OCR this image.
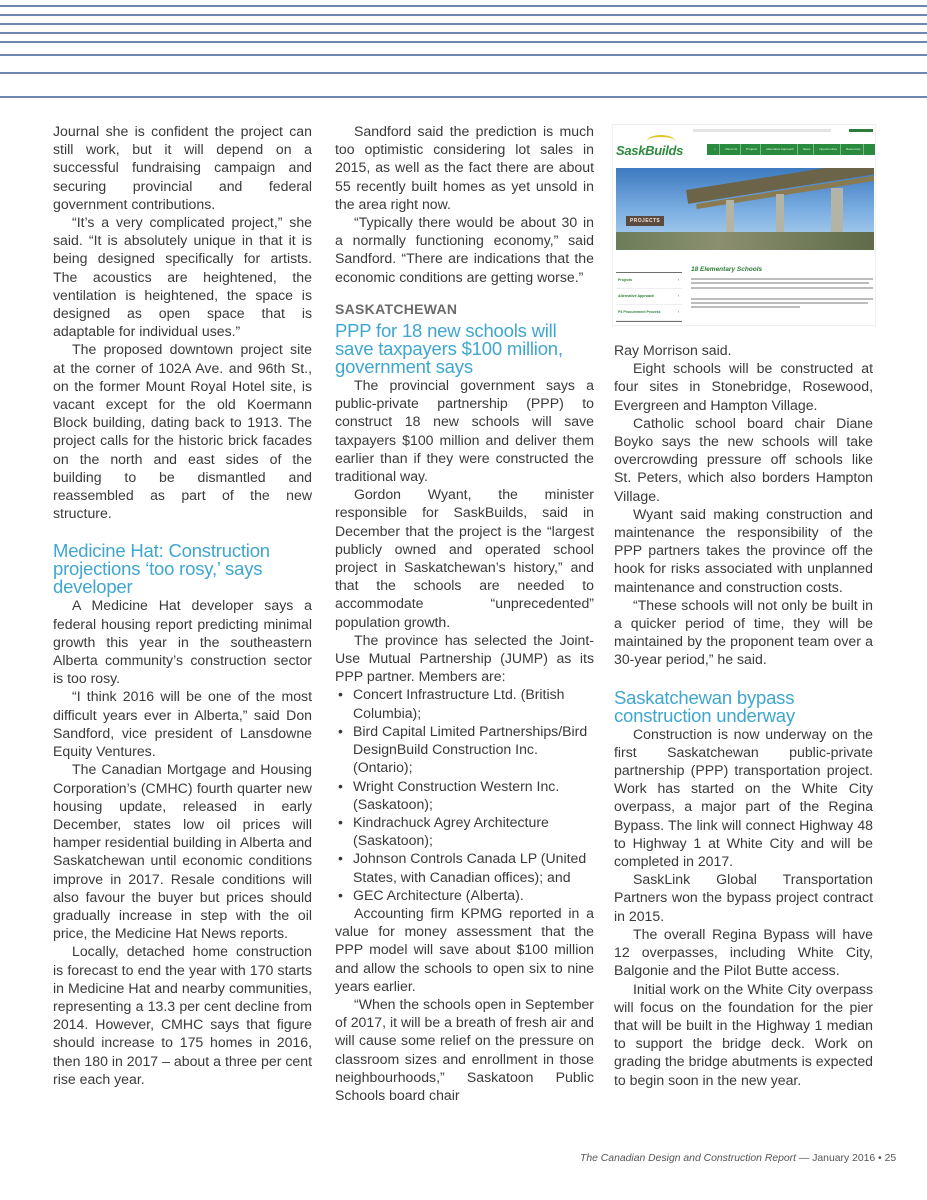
Journal she is confident the project can still work, but it will depend on a successful fundraising campaign and securing provincial and federal government contributions.

“It’s a very complicated project,” she said. “It is absolutely unique in that it is being designed specifically for artists. The acoustics are heightened, the ventilation is heightened, the space is designed as open space that is adaptable for individual uses.”

The proposed downtown project site at the corner of 102A Ave. and 96th St., on the former Mount Royal Hotel site, is vacant except for the old Koermann Block building, dating back to 1913. The project calls for the historic brick facades on the north and east sides of the building to be dismantled and reassembled as part of the new structure.

Medicine Hat: Construction projections ‘too rosy,’ says developer

A Medicine Hat developer says a federal housing report predicting minimal growth this year in the southeastern Alberta community’s construction sector is too rosy.

“I think 2016 will be one of the most difficult years ever in Alberta,” said Don Sandford, vice president of Lansdowne Equity Ventures.

The Canadian Mortgage and Housing Corporation’s (CMHC) fourth quarter new housing update, released in early December, states low oil prices will hamper residential building in Alberta and Saskatchewan until economic conditions improve in 2017. Resale conditions will also favour the buyer but prices should gradually increase in step with the oil price, the Medicine Hat News reports.

Locally, detached home construction is forecast to end the year with 170 starts in Medicine Hat and nearby communities, representing a 13.3 per cent decline from 2014. However, CMHC says that figure should increase to 175 homes in 2016, then 180 in 2017 – about a three per cent rise each year.

Sandford said the prediction is much too optimistic considering lot sales in 2015, as well as the fact there are about 55 recently built homes as yet unsold in the area right now.

“Typically there would be about 30 in a normally functioning economy,” said Sandford. “There are indications that the economic conditions are getting worse.”

SASKATCHEWAN
PPP for 18 new schools will save taxpayers $100 million, government says

The provincial government says a public-private partnership (PPP) to construct 18 new schools will save taxpayers $100 million and deliver them earlier than if they were constructed the traditional way.

Gordon Wyant, the minister responsible for SaskBuilds, said in December that the project is the “largest publicly owned and operated school project in Saskatchewan’s history,” and that the schools are needed to accommodate “unprecedented” population growth.

The province has selected the Joint-Use Mutual Partnership (JUMP) as its PPP partner. Members are:

• Concert Infrastructure Ltd. (British Columbia);
• Bird Capital Limited Partnerships/Bird DesignBuild Construction Inc. (Ontario);
• Wright Construction Western Inc. (Saskatoon);
• Kindrachuck Agrey Architecture (Saskatoon);
• Johnson Controls Canada LP (United States, with Canadian offices); and
• GEC Architecture (Alberta).

Accounting firm KPMG reported in a value for money assessment that the PPP model will save about $100 million and allow the schools to open six to nine years earlier.

“When the schools open in September of 2017, it will be a breath of fresh air and will cause some relief on the pressure on classroom sizes and enrollment in those neighbourhoods,” Saskatoon Public Schools board chair

SaskBuilds	⌂	About Us	Projects	Alternative Approach	News	Opportunities	Resources
PROJECTS
Projects	›
Alternative Approach	›
P3 Procurement Process	›
18 Elementary Schools

Ray Morrison said.

Eight schools will be constructed at four sites in Stonebridge, Rosewood, Evergreen and Hampton Village.

Catholic school board chair Diane Boyko says the new schools will take overcrowding pressure off schools like St. Peters, which also borders Hampton Village.

Wyant said making construction and maintenance the responsibility of the PPP partners takes the province off the hook for risks associated with unplanned maintenance and construction costs.

“These schools will not only be built in a quicker period of time, they will be maintained by the proponent team over a 30-year period,” he said.

Saskatchewan bypass construction underway

Construction is now underway on the first Saskatchewan public-private partnership (PPP) transportation project. Work has started on the White City overpass, a major part of the Regina Bypass. The link will connect Highway 48 to Highway 1 at White City and will be completed in 2017.

SaskLink Global Transportation Partners won the bypass project contract in 2015.

The overall Regina Bypass will have 12 overpasses, including White City, Balgonie and the Pilot Butte access.

Initial work on the White City overpass will focus on the foundation for the pier that will be built in the Highway 1 median to support the bridge deck. Work on grading the bridge abutments is expected to begin soon in the new year.

The Canadian Design and Construction Report — January 2016 • 25
